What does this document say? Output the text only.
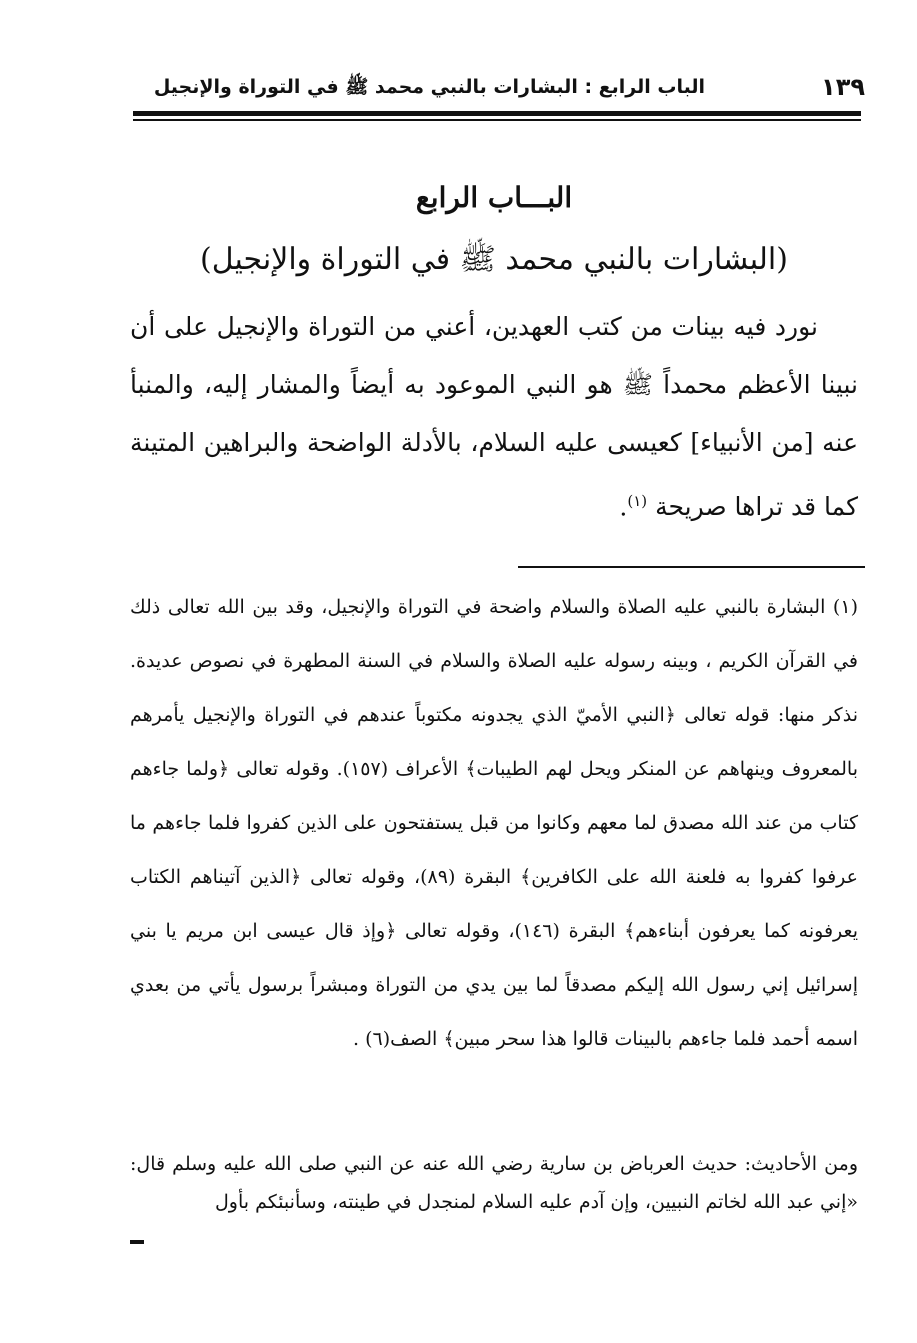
١٣٩
الباب الرابع : البشارات بالنبي محمد ﷺ في التوراة والإنجيل
البـــاب الرابع
(البشارات بالنبي محمد ﷺ في التوراة والإنجيل)

نورد فيه بينات من كتب العهدين، أعني من التوراة والإنجيل على أن نبينا الأعظم محمداً ﷺ هو النبي الموعود به أيضاً والمشار إليه، والمنبأ عنه [من الأنبياء] كعيسى عليه السلام، بالأدلة الواضحة والبراهين المتينة كما قد تراها صريحة $^{(١)}$.

(١) البشارة بالنبي عليه الصلاة والسلام واضحة في التوراة والإنجيل، وقد بين الله تعالى ذلك في القرآن الكريم ، وبينه رسوله عليه الصلاة والسلام في السنة المطهرة في نصوص عديدة. نذكر منها: قوله تعالى ﴿النبي الأميّ الذي يجدونه مكتوباً عندهم في التوراة والإنجيل يأمرهم بالمعروف وينهاهم عن المنكر ويحل لهم الطيبات﴾ الأعراف (١٥٧). وقوله تعالى ﴿ولما جاءهم كتاب من عند الله مصدق لما معهم وكانوا من قبل يستفتحون على الذين كفروا فلما جاءهم ما عرفوا كفروا به فلعنة الله على الكافرين﴾ البقرة (٨٩)، وقوله تعالى ﴿الذين آتيناهم الكتاب يعرفونه كما يعرفون أبناءهم﴾ البقرة (١٤٦)، وقوله تعالى ﴿وإذ قال عيسى ابن مريم يا بني إسرائيل إني رسول الله إليكم مصدقاً لما بين يدي من التوراة ومبشراً برسول يأتي من بعدي اسمه أحمد فلما جاءهم بالبينات قالوا هذا سحر مبين﴾ الصف(٦) .

ومن الأحاديث: حديث العرباض بن سارية رضي الله عنه عن النبي صلى الله عليه وسلم قال: «إني عبد الله لخاتم النبيين، وإن آدم عليه السلام لمنجدل في طينته، وسأنبئكم بأول
